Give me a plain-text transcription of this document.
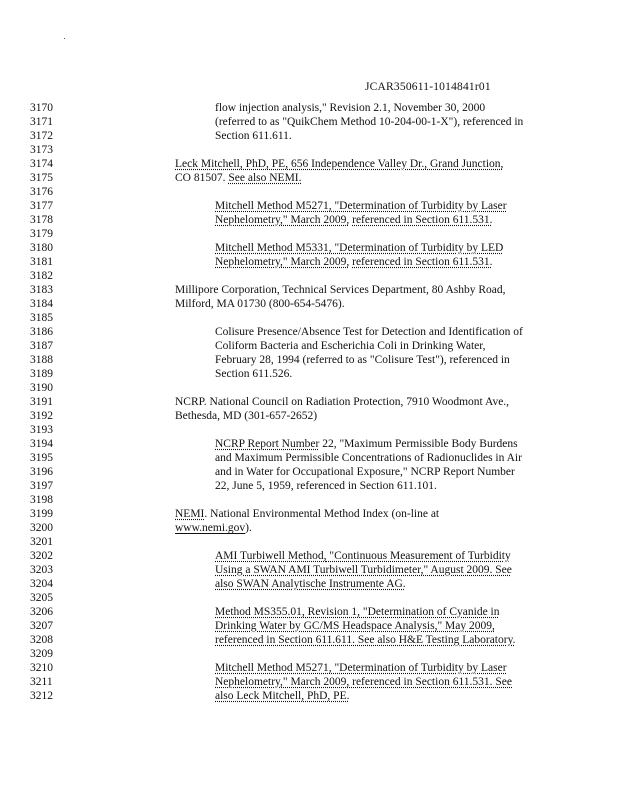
JCAR350611-1014841r01
3170
3171
3172
3173
3174
3175
3176
3177
3178
3179
3180
3181
3182
3183
3184
3185
3186
3187
3188
3189
3190
3191
3192
3193
3194
3195
3196
3197
3198
3199
3200
3201
3202
3203
3204
3205
3206
3207
3208
3209
3210
3211
3212
flow injection analysis," Revision 2.1, November 30, 2000
(referred to as "QuikChem Method 10-204-00-1-X"), referenced in
Section 611.611.
Leck Mitchell, PhD, PE, 656 Independence Valley Dr., Grand Junction,
CO 81507. See also NEMI.
Mitchell Method M5271, "Determination of Turbidity by Laser
Nephelometry," March 2009, referenced in Section 611.531.
Mitchell Method M5331, "Determination of Turbidity by LED
Nephelometry," March 2009, referenced in Section 611.531.
Millipore Corporation, Technical Services Department, 80 Ashby Road,
Milford, MA 01730 (800-654-5476).
Colisure Presence/Absence Test for Detection and Identification of
Coliform Bacteria and Escherichia Coli in Drinking Water,
February 28, 1994 (referred to as "Colisure Test"), referenced in
Section 611.526.
NCRP. National Council on Radiation Protection, 7910 Woodmont Ave.,
Bethesda, MD (301-657-2652)
NCRP Report Number 22, "Maximum Permissible Body Burdens
and Maximum Permissible Concentrations of Radionuclides in Air
and in Water for Occupational Exposure," NCRP Report Number
22, June 5, 1959, referenced in Section 611.101.
NEMI. National Environmental Method Index (on-line at
www.nemi.gov).
AMI Turbiwell Method, "Continuous Measurement of Turbidity
Using a SWAN AMI Turbiwell Turbidimeter," August 2009. See
also SWAN Analytische Instrumente AG.
Method MS355.01, Revision 1, "Determination of Cyanide in
Drinking Water by GC/MS Headspace Analysis," May 2009,
referenced in Section 611.611. See also H&E Testing Laboratory.
Mitchell Method M5271, "Determination of Turbidity by Laser
Nephelometry," March 2009, referenced in Section 611.531. See
also Leck Mitchell, PhD, PE.
